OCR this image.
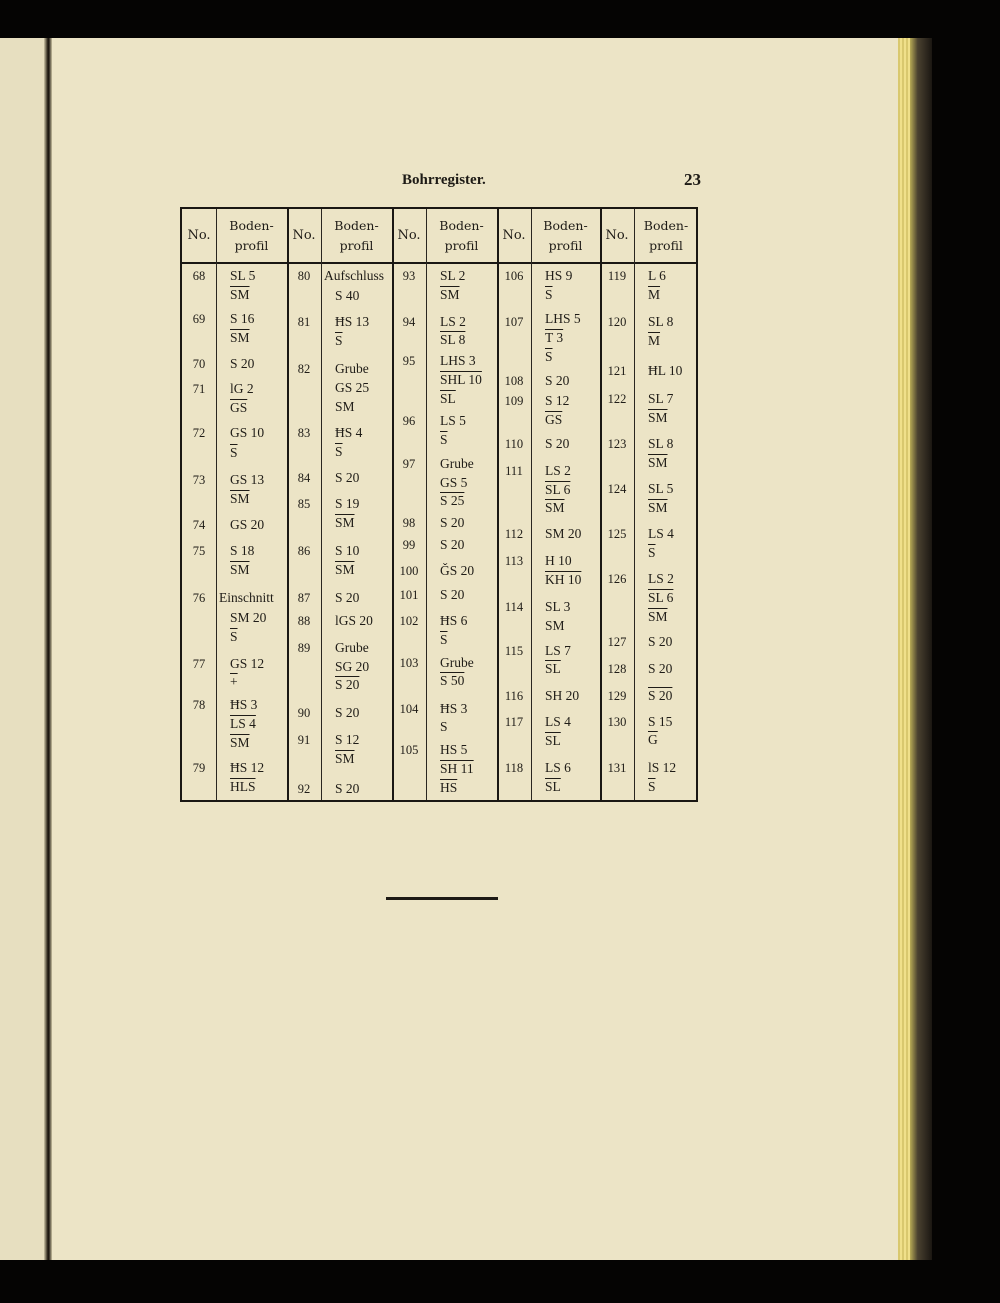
Bohrregister.	23
No.
Boden-
profil
68
69
70
71
72
73
74
75
76
77
78
79
SL 5
$\overline{SM}$
S 16
$\overline{SM}$
S 20
lG 2
$\overline{GS}$
GS 10
$\overline{S}$
GS 13
$\overline{SM}$
GS 20
S 18
$\overline{SM}$
Einschnitt
SM 20
$\overline{S}$
GS 12
+
ĦS 3
LS 4
$\overline{SM}$
ĦS 12
$\overline{HLS}$
No.
Boden-
profil
80
81
82
83
84
85
86
87
88
89
90
91
92
Aufschluss
S 40
ĦS 13
$\overline{S}$
Grube
GS 25
SM
ĦS 4
$\overline{S}$
S 20
S 19
$\overline{SM}$
S 10
$\overline{SM}$
S 20
lGS 20
Grube
SG 20
S 20
S 20
S 12
$\overline{SM}$
S 20
No.
Boden-
profil
93
94
95
96
97
98
99
100
101
102
103
104
105
SL 2
$\overline{SM}$
LS 2
SL 8
LHS 3
SHL 10
$\overline{SL}$
LS 5
$\overline{S}$
Grube
GS 5
S 25
S 20
S 20
ǦS 20
S 20
ĦS 6
$\overline{S}$
Grube
S 50
ĦS 3
S
HS 5
SH 11
$\overline{HS}$
No.
Boden-
profil
106
107
108
109
110
111
112
113
114
115
116
117
118
HS 9
$\overline{S}$
LHS 5
T 3
$\overline{S}$
S 20
S 12
$\overline{GS}$
S 20
LS 2
SL 6
$\overline{SM}$
SM 20
H 10
KH 10
SL 3
SM
LS 7
$\overline{SL}$
SH 20
LS 4
$\overline{SL}$
LS 6
$\overline{SL}$
No.
Boden-
profil
119
120
121
122
123
124
125
126
127
128
129
130
131
L 6
$\overline{M}$
SL 8
$\overline{M}$
ĦL 10
SL 7
$\overline{SM}$
SL 8
$\overline{SM}$
SL 5
$\overline{SM}$
LS 4
$\overline{S}$
LS 2
SL 6
$\overline{SM}$
S 20
S 20
S 20
S 15
$\overline{G}$
lS 12
$\overline{S}$
